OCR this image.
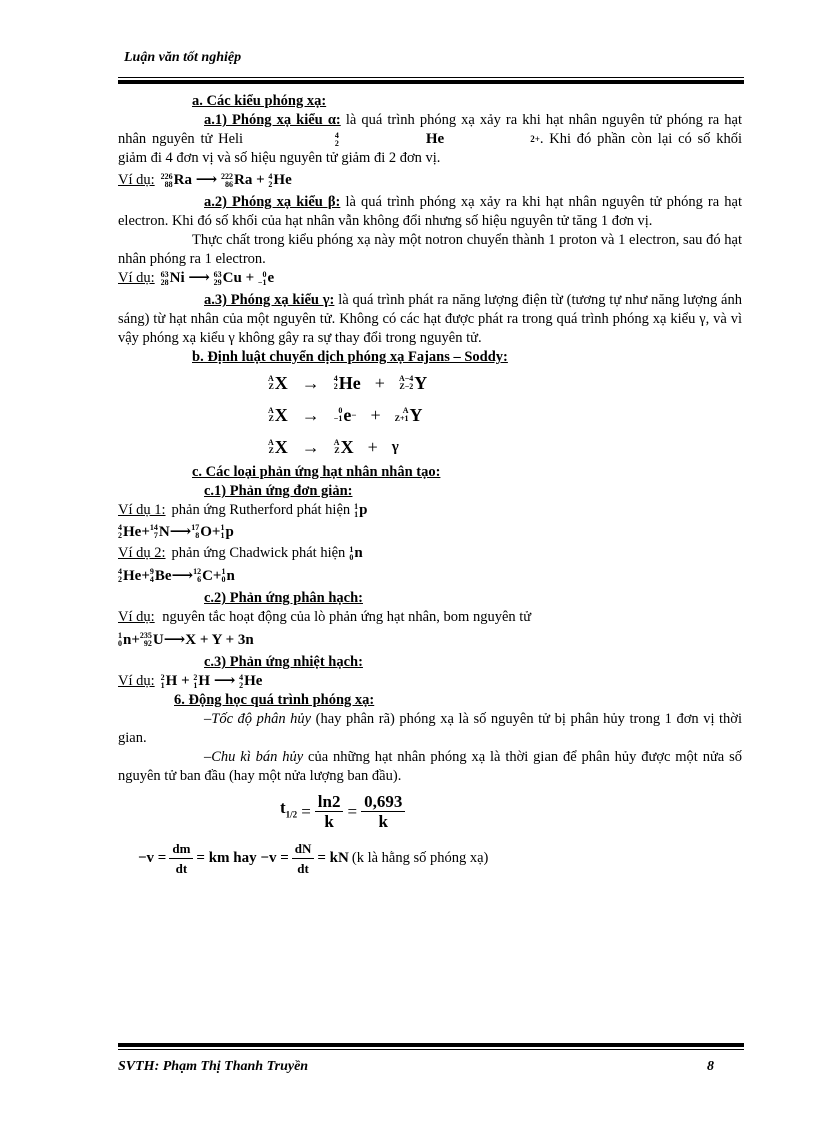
Luận văn tốt nghiệp

a. Các kiểu phóng xạ:

a.1) Phóng xạ kiểu α: là quá trình phóng xạ xảy ra khi hạt nhân nguyên tử phóng ra hạt nhân nguyên tử Heli	4
2	He	2+ . Khi đó phần còn lại có số khối giảm đi 4 đơn vị và số hiệu nguyên tử giảm đi 2 đơn vị.

Ví dụ: 226
88 Ra ⟶ 222
86 Ra + 4
2 He

a.2) Phóng xạ kiểu β: là quá trình phóng xạ xảy ra khi hạt nhân nguyên tử phóng ra hạt electron. Khi đó số khối của hạt nhân vẫn không đổi nhưng số hiệu nguyên tử tăng 1 đơn vị.

Thực chất trong kiểu phóng xạ này một notron chuyển thành 1 proton và 1 electron, sau đó hạt nhân phóng ra 1 electron.

Ví dụ: 63
28 Ni ⟶ 63
29 Cu + 0
−1 e

a.3) Phóng xạ kiểu γ: là quá trình phát ra năng lượng điện từ (tương tự như năng lượng ánh sáng) từ hạt nhân của một nguyên tử. Không có các hạt được phát ra trong quá trình phóng xạ kiểu γ, và vì vậy phóng xạ kiểu γ không gây ra sự thay đổi trong nguyên tử.

b. Định luật chuyển dịch phóng xạ Fajans – Soddy:

A
Z X → 4
2 He + A−4
Z−2 Y
A
Z X →	0
−1 e − +	A
Z+1 Y
A
Z X → A
Z X + γ

c. Các loại phản ứng hạt nhân nhân tạo:

c.1) Phản ứng đơn giản:

Ví dụ 1: phản ứng Rutherford phát hiện 1
1 p
4
2 He + 14
7 N ⟶ 17
8 O + 1
1 p
Ví dụ 2: phản ứng Chadwick phát hiện 1
0 n
4
2 He + 9
4 Be ⟶ 12
6 C + 1
0 n

c.2) Phản ứng phân hạch:

Ví dụ: nguyên tắc hoạt động của lò phản ứng hạt nhân, bom nguyên tử
1
0 n + 235
92 U ⟶ X + Y + 3n

c.3) Phản ứng nhiệt hạch:

Ví dụ: 2
1 H + 2
1 H ⟶ 4
2 He

6. Động học quá trình phóng xạ:

–Tốc độ phân hủy (hay phân rã) phóng xạ là số nguyên tử bị phân hủy trong 1 đơn vị thời gian.

–Chu kì bán hủy của những hạt nhân phóng xạ là thời gian để phân hủy được một nửa số nguyên tử ban đầu (hay một nửa lượng ban đầu).

$t_{1/2} = \frac{\ln 2}{k} = \frac{0,693}{k}$
$-v = \frac{dm}{dt}$ = km hay $-v = \frac{dN}{dt}$ = kN (k là hằng số phóng xạ)
SVTH: Phạm Thị Thanh Truyền	8
